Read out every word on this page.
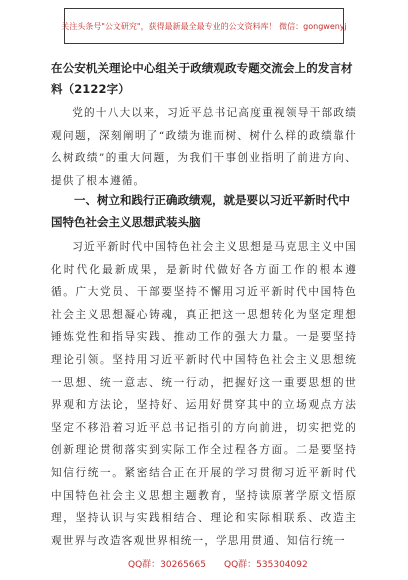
关注头条号"公文研究"，获得最新最全最专业的公文资料库！ 微信：gongwenyj
在公安机关理论中心组关于政绩观政专题交流会上的发言材料（2122字）
党的十八大以来，习近平总书记高度重视领导干部政绩观问题，深刻阐明了“政绩为谁而树、树什么样的政绩靠什么树政绩”的重大问题，为我们干事创业指明了前进方向、提供了根本遵循。
一、树立和践行正确政绩观，就是要以习近平新时代中国特色社会主义思想武装头脑
习近平新时代中国特色社会主义思想是马克思主义中国化时代化最新成果，是新时代做好各方面工作的根本遵循。广大党员、干部要坚持不懈用习近平新时代中国特色社会主义思想凝心铸魂，真正把这一思想转化为坚定理想锤炼党性和指导实践、推动工作的强大力量。一是要坚持理论引领。坚持用习近平新时代中国特色社会主义思想统一思想、统一意志、统一行动，把握好这一重要思想的世界观和方法论，坚持好、运用好贯穿其中的立场观点方法坚定不移沿着习近平总书记指引的方向前进，切实把党的创新理论贯彻落实到实际工作全过程各方面。二是要坚持知信行统一。紧密结合正在开展的学习贯彻习近平新时代中国特色社会主义思想主题教育，坚持读原著学原文悟原理，坚持认识与实践相结合、理论和实际相联系、改造主观世界与改造客观世界相统一，学思用贯通、知信行统一
QQ群：30265665 QQ群：535304092
